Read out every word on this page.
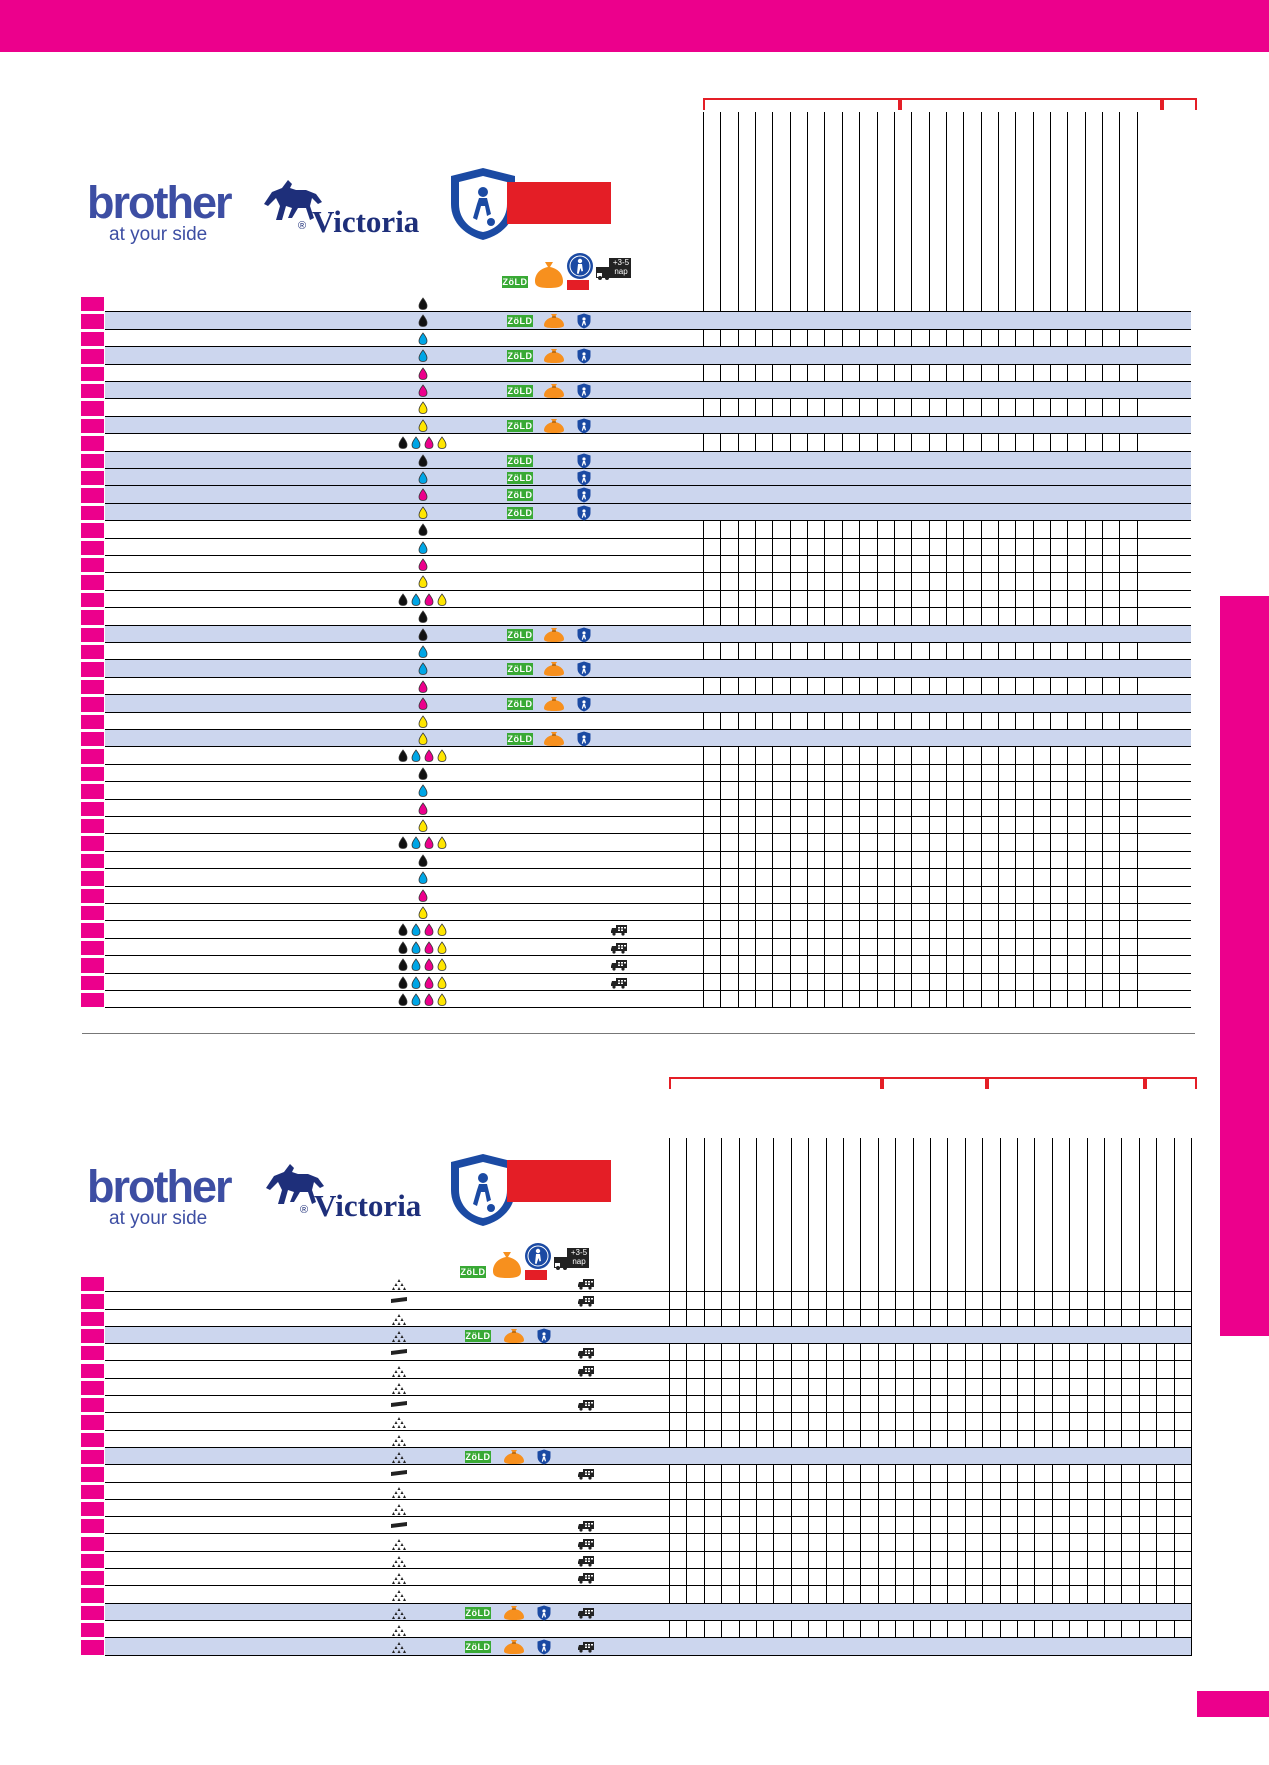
brother
at your side	® Victoria
ZöLD
+3-5 nap
ZöLD
ZöLD
ZöLD
ZöLD
ZöLD
ZöLD
ZöLD
ZöLD
ZöLD
ZöLD
ZöLD
ZöLD
brother
at your side	® Victoria
ZöLD
+3-5 nap
ZöLD
ZöLD
ZöLD
ZöLD
